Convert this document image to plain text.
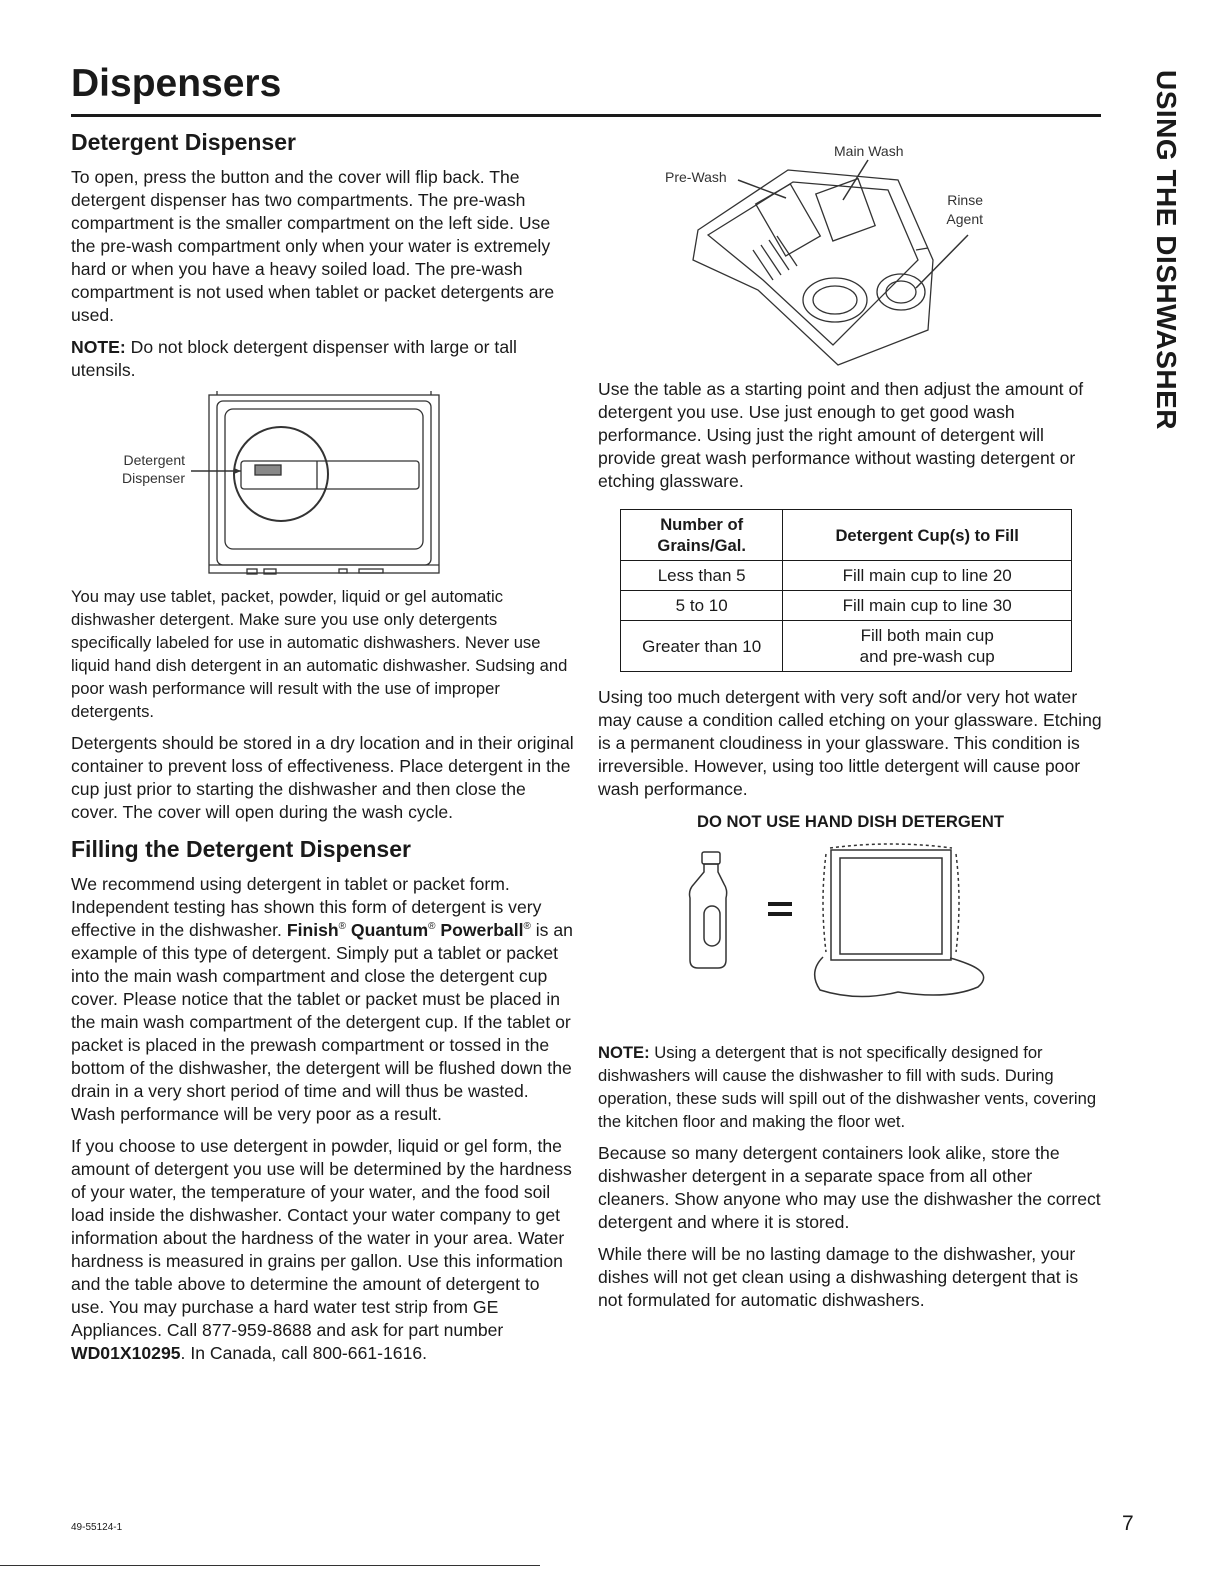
Dispensers	USING THE DISHWASHER
Detergent Dispenser

To open, press the button and the cover will flip back. The detergent dispenser has two compartments. The pre-wash compartment is the smaller compartment on the left side. Use the pre-wash compartment only when your water is extremely hard or when you have a heavy soiled load. The pre-wash compartment is not used when tablet or packet detergents are used.

NOTE: Do not block detergent dispenser with large or tall utensils.

Detergent
Dispenser

You may use tablet, packet, powder, liquid or gel automatic dishwasher detergent. Make sure you use only detergents specifically labeled for use in automatic dishwashers. Never use liquid hand dish detergent in an automatic dishwasher. Sudsing and poor wash performance will result with the use of improper detergents.

Detergents should be stored in a dry location and in their original container to prevent loss of effectiveness. Place detergent in the cup just prior to starting the dishwasher and then close the cover. The cover will open during the wash cycle.

Filling the Detergent Dispenser

We recommend using detergent in tablet or packet form. Independent testing has shown this form of detergent is very effective in the dishwasher. Finish® Quantum® Powerball® is an example of this type of detergent. Simply put a tablet or packet into the main wash compartment and close the detergent cup cover. Please notice that the tablet or packet must be placed in the main wash compartment of the detergent cup. If the tablet or packet is placed in the prewash compartment or tossed in the bottom of the dishwasher, the detergent will be flushed down the drain in a very short period of time and will thus be wasted. Wash performance will be very poor as a result.

If you choose to use detergent in powder, liquid or gel form, the amount of detergent you use will be determined by the hardness of your water, the temperature of your water, and the food soil load inside the dishwasher. Contact your water company to get information about the hardness of the water in your area. Water hardness is measured in grains per gallon. Use this information and the table above to determine the amount of detergent to use. You may purchase a hard water test strip from GE Appliances. Call 877-959-8688 and ask for part number WD01X10295. In Canada, call 800-661-1616.

Main Wash
Pre-Wash
Rinse
Agent

Use the table as a starting point and then adjust the amount of detergent you use. Use just enough to get good wash performance. Using just the right amount of detergent will provide great wash performance without wasting detergent or etching glassware.

Number of
Grains/Gal.	Detergent Cup(s) to Fill
Less than 5	Fill main cup to line 20
5 to 10	Fill main cup to line 30
Greater than 10	Fill both main cup
and pre-wash cup

Using too much detergent with very soft and/or very hot water may cause a condition called etching on your glassware. Etching is a permanent cloudiness in your glassware. This condition is irreversible. However, using too little detergent will cause poor wash performance.

DO NOT USE HAND DISH DETERGENT

NOTE: Using a detergent that is not specifically designed for dishwashers will cause the dishwasher to fill with suds. During operation, these suds will spill out of the dishwasher vents, covering the kitchen floor and making the floor wet.

Because so many detergent containers look alike, store the dishwasher detergent in a separate space from all other cleaners. Show anyone who may use the dishwasher the correct detergent and where it is stored.

While there will be no lasting damage to the dishwasher, your dishes will not get clean using a dishwashing detergent that is not formulated for automatic dishwashers.

49-55124-1	7
